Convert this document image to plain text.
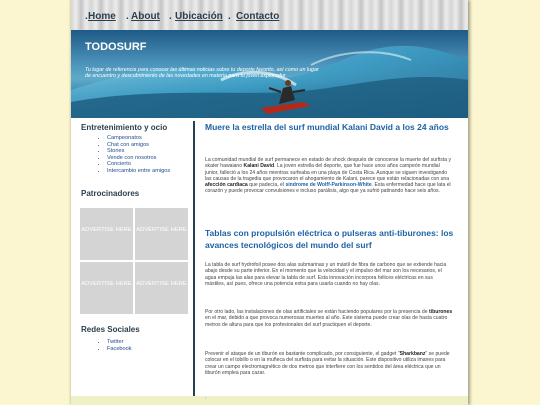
. Home . About . Ubicación . Contacto
TODOSURF
Tu lugar de referencia para conocer las últimas noticias sobre tu deporte favorito, así como un lugar de encuentro y descubrimiento de las novedades en materia para tu joven explorador
Entretenimiento y ocio
• Campeonatos
• Chat con amigos
• Stories
• Vende con nosotros
• Concierto
• Intercambio entre amigos
Patrocinadores
ADVERTISE HERE ADVERTISE HERE
ADVERTISE HERE ADVERTISE HERE
Redes Sociales
• Twitter
• Facebook
Muere la estrella del surf mundial Kalani David a los 24 años

La comunidad mundial de surf permanece en estado de shock después de conocerse la muerte del surfista y skater hawaiano Kalani David. La joven estrella del deporte, que fue hace unos años campeón mundial junior, falleció a los 24 años mientras surfeaba en una playa de Costa Rica. Aunque se siguen investigando las causas de la tragedia que provocaron el ahogamiento de Kalani, parece que están relacionadas con una afección cardiaca que padecía, el síndrome de Wolff-Parkinson-White. Esta enfermedad hace que lata el corazón y puede provocar convulsiones e incluso parálisis, algo que ya sufrió patinando hace seis años.

Tablas con propulsión eléctrica o pulseras anti-tiburones: los avances tecnológicos del mundo del surf

La tabla de surf hydrofoil posee dos alas submarinas y un mástil de fibra de carbono que se extiende hacia abajo desde su parte inferior. En el momento que la velocidad y el impulso del mar son los necesarios, el agua empuja las alas para elevar la tabla de surf. Esta innovación incorpora hélices eléctricas en sus mástiles, así pues, ofrece una potencia extra para usarla cuando no hay olas.

Por otro lado, las instalaciones de olas artificiales se están haciendo populares por la presencia de tiburones en el mar, debido a que provoca numerosas muertes al año. Este sistema puede crear olas de hasta cuatro metros de altura para que los profesionales del surf practiquen el deporte.

Prevenir el ataque de un tiburón es bastante complicado, por consiguiente, el gadget "Sharkbanz" se puede colocar en el tobillo o en la muñeca del surfista para evitar la situación. Este dispositivo utiliza imanes para crear un campo electromagnético de dos metros que interfiere con los sentidos del área eléctrica que un tiburón emplea para cazar.

´
